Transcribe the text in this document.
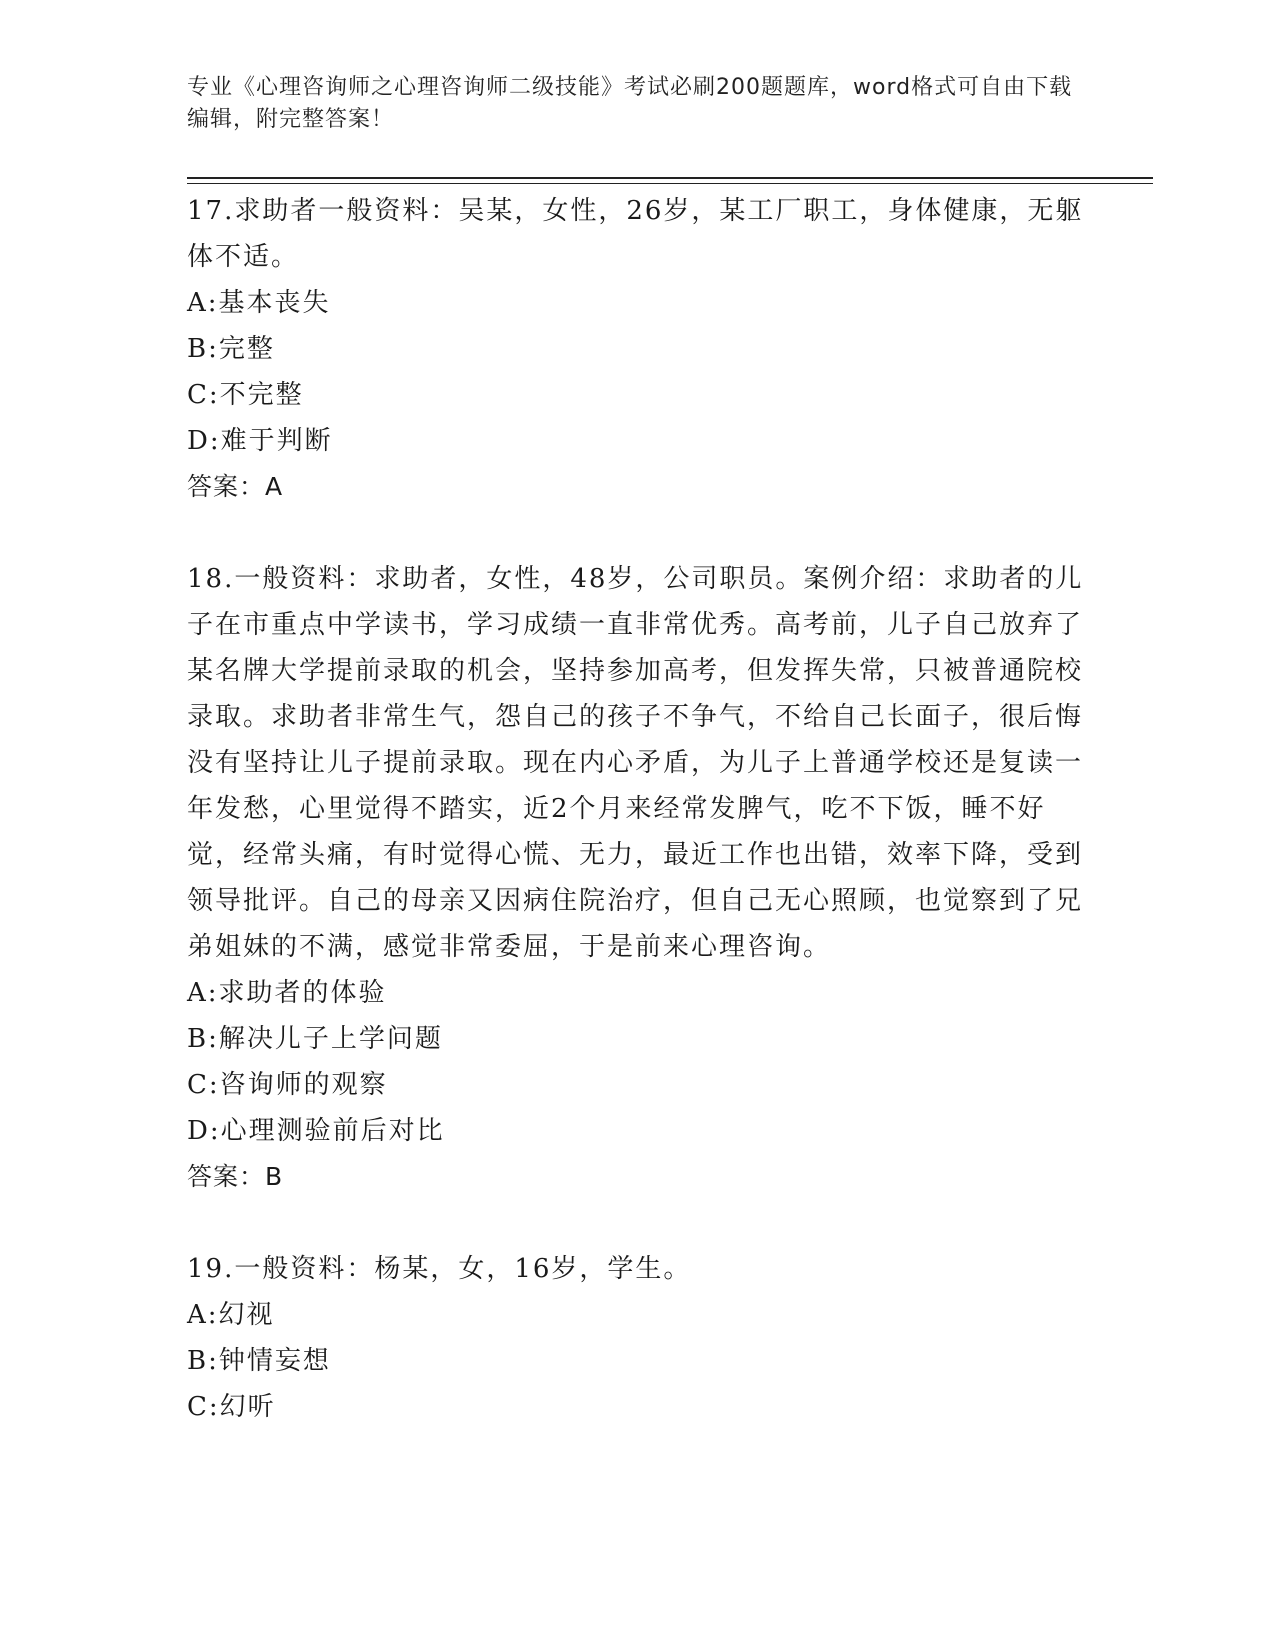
专业《心理咨询师之心理咨询师二级技能》考试必刷200题题库，word格式可自由下载编辑，附完整答案！

17.求助者一般资料：吴某，女性，26岁，某工厂职工，身体健康，无躯体不适。

A:基本丧失

B:完整

C:不完整

D:难于判断

答案：A

18.一般资料：求助者，女性，48岁，公司职员。案例介绍：求助者的儿子在市重点中学读书，学习成绩一直非常优秀。高考前，儿子自己放弃了某名牌大学提前录取的机会，坚持参加高考，但发挥失常，只被普通院校录取。求助者非常生气，怨自己的孩子不争气，不给自己长面子，很后悔没有坚持让儿子提前录取。现在内心矛盾，为儿子上普通学校还是复读一年发愁，心里觉得不踏实，近2个月来经常发脾气，吃不下饭，睡不好觉，经常头痛，有时觉得心慌、无力，最近工作也出错，效率下降，受到领导批评。自己的母亲又因病住院治疗，但自己无心照顾，也觉察到了兄弟姐妹的不满，感觉非常委屈，于是前来心理咨询。

A:求助者的体验

B:解决儿子上学问题

C:咨询师的观察

D:心理测验前后对比

答案：B

19.一般资料：杨某，女，16岁，学生。

A:幻视

B:钟情妄想

C:幻听
